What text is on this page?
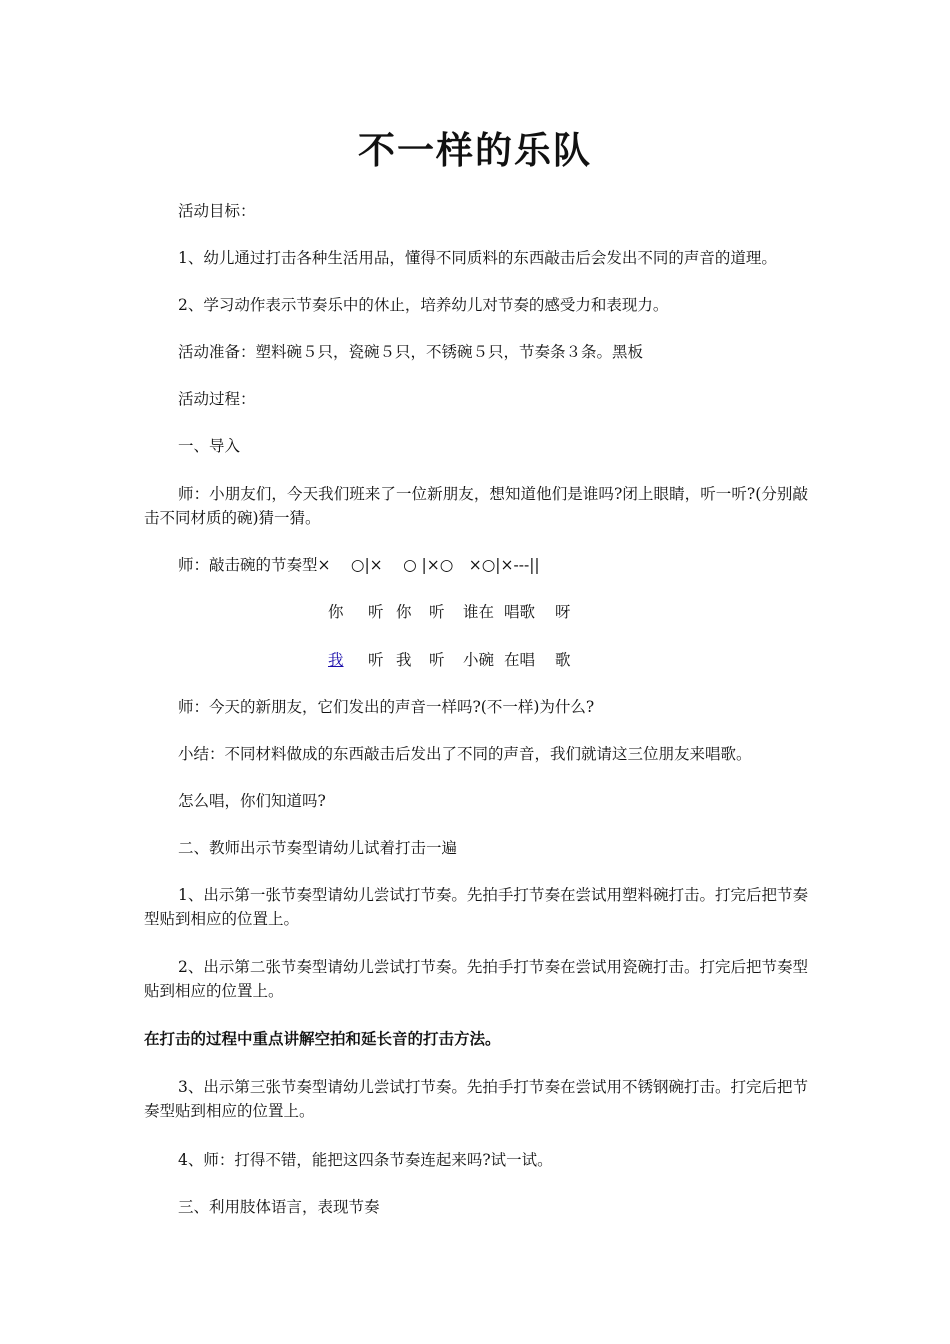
不一样的乐队

活动目标：

1、幼儿通过打击各种生活用品，懂得不同质料的东西敲击后会发出不同的声音的道理。

2、学习动作表示节奏乐中的休止，培养幼儿对节奏的感受力和表现力。

活动准备：塑料碗５只，瓷碗５只，不锈碗５只，节奏条３条。黑板

活动过程：

一、导入

师：小朋友们，今天我们班来了一位新朋友，想知道他们是谁吗?闭上眼睛，听一听?(分别敲击不同材质的碗)猜一猜。

师：敲击碗的节奏型×　 ○|×　 ○ |×○　×○|×---||

你 听 你 听 谁在 唱歌 呀
我 听 我 听 小碗 在唱 歌

师：今天的新朋友，它们发出的声音一样吗?(不一样)为什么?

小结：不同材料做成的东西敲击后发出了不同的声音，我们就请这三位朋友来唱歌。

怎么唱，你们知道吗?

二、教师出示节奏型请幼儿试着打击一遍

1、出示第一张节奏型请幼儿尝试打节奏。先拍手打节奏在尝试用塑料碗打击。打完后把节奏型贴到相应的位置上。

2、出示第二张节奏型请幼儿尝试打节奏。先拍手打节奏在尝试用瓷碗打击。打完后把节奏型贴到相应的位置上。

在打击的过程中重点讲解空拍和延长音的打击方法。

3、出示第三张节奏型请幼儿尝试打节奏。先拍手打节奏在尝试用不锈钢碗打击。打完后把节奏型贴到相应的位置上。

4、师：打得不错，能把这四条节奏连起来吗?试一试。

三、利用肢体语言，表现节奏
